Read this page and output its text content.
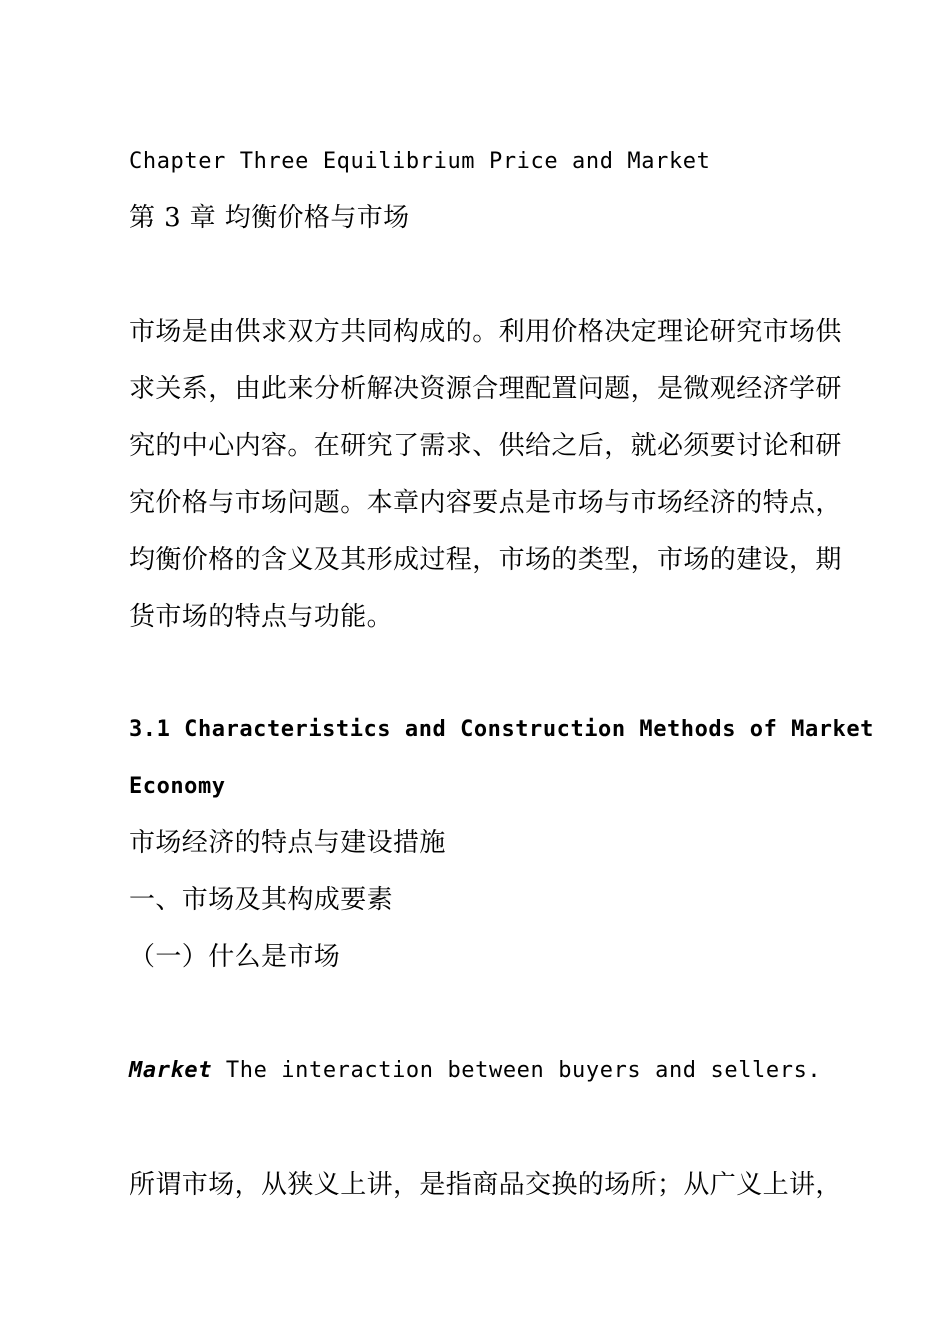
Chapter Three Equilibrium Price and Market
第 3 章 均衡价格与市场
市场是由供求双方共同构成的。利用价格决定理论研究市场供
求关系，由此来分析解决资源合理配置问题，是微观经济学研
究的中心内容。在研究了需求、供给之后，就必须要讨论和研
究价格与市场问题。本章内容要点是市场与市场经济的特点，
均衡价格的含义及其形成过程，市场的类型，市场的建设，期
货市场的特点与功能。
3.1 Characteristics and Construction Methods of Market
Economy
市场经济的特点与建设措施
一、市场及其构成要素
（一）什么是市场
Market The interaction between buyers and sellers.
所谓市场，从狭义上讲，是指商品交换的场所；从广义上讲，
